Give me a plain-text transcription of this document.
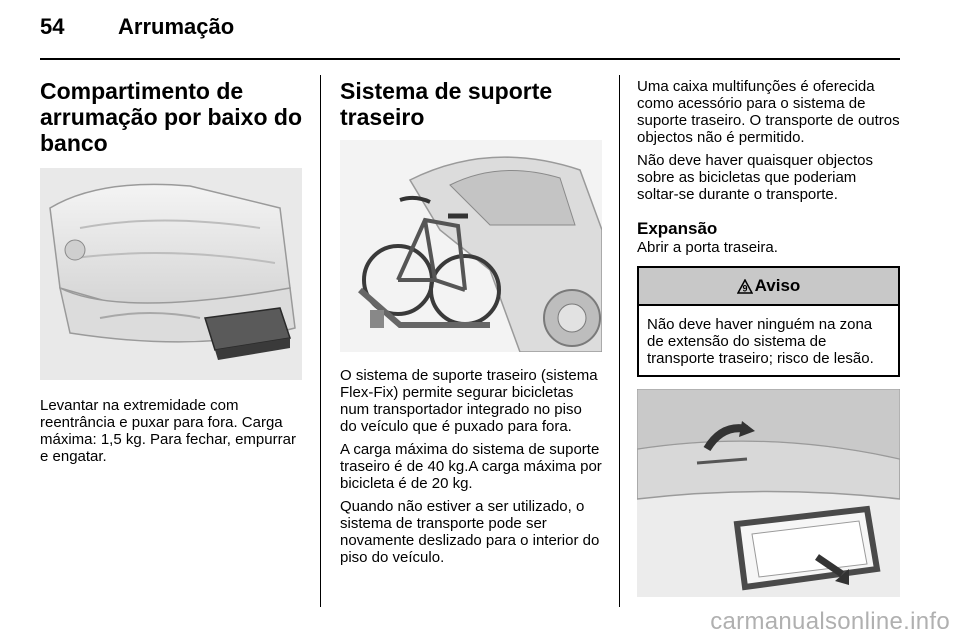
54 Arrumação
Compartimento de arrumação por baixo do banco

Levantar na extremidade com reentrância e puxar para fora. Carga máxima: 1,5 kg. Para fechar, empurrar e engatar.

Sistema de suporte traseiro

O sistema de suporte traseiro (sistema Flex-Fix) permite segurar bicicletas num transportador integrado no piso do veículo que é puxado para fora.

A carga máxima do sistema de suporte traseiro é de 40 kg.A carga máxima por bicicleta é de 20 kg.

Quando não estiver a ser utilizado, o sistema de transporte pode ser novamente deslizado para o interior do piso do veículo.

Uma caixa multifunções é oferecida como acessório para o sistema de suporte traseiro. O transporte de outros objectos não é permitido.

Não deve haver quaisquer objectos sobre as bicicletas que poderiam soltar-se durante o transporte.

Expansão

Abrir a porta traseira.

9 Aviso
Não deve haver ninguém na zona de extensão do sistema de transporte traseiro; risco de lesão.
carmanualsonline.info
